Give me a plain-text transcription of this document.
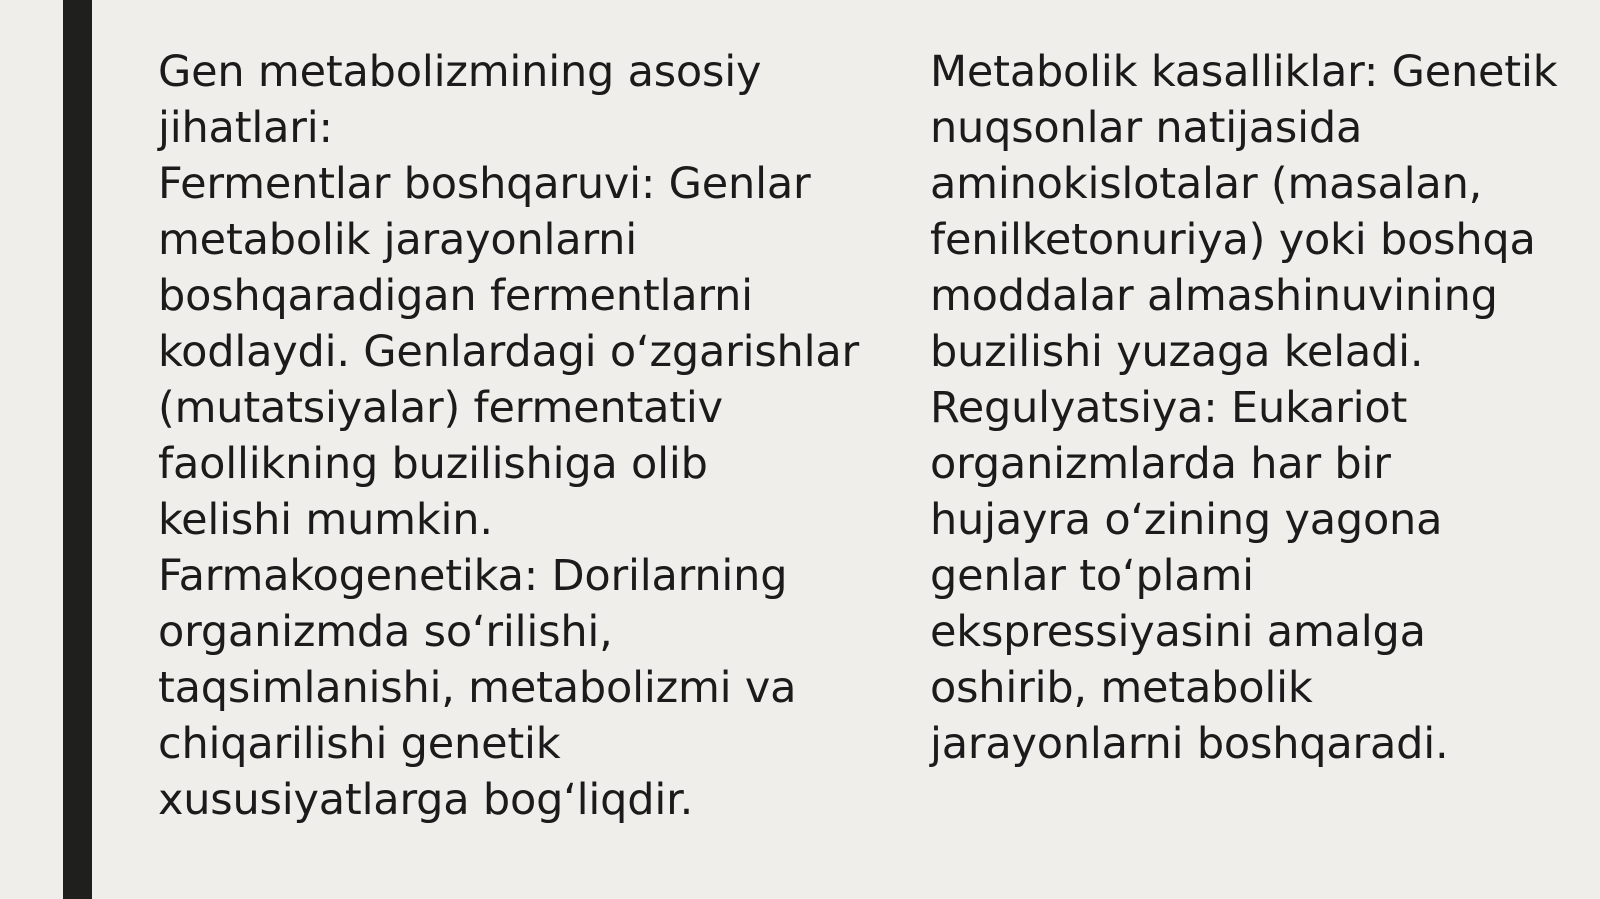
Gen metabolizmining asosiy
jihatlari:
Fermentlar boshqaruvi: Genlar
metabolik jarayonlarni
boshqaradigan fermentlarni
kodlaydi. Genlardagi o‘zgarishlar
(mutatsiyalar) fermentativ
faollikning buzilishiga olib
kelishi mumkin.
Farmakogenetika: Dorilarning
organizmda so‘rilishi,
taqsimlanishi, metabolizmi va
chiqarilishi genetik
xususiyatlarga bog‘liqdir.

Metabolik kasalliklar: Genetik
nuqsonlar natijasida
aminokislotalar (masalan,
fenilketonuriya) yoki boshqa
moddalar almashinuvining
buzilishi yuzaga keladi.
Regulyatsiya: Eukariot
organizmlarda har bir
hujayra o‘zining yagona
genlar to‘plami
ekspressiyasini amalga
oshirib, metabolik
jarayonlarni boshqaradi.
